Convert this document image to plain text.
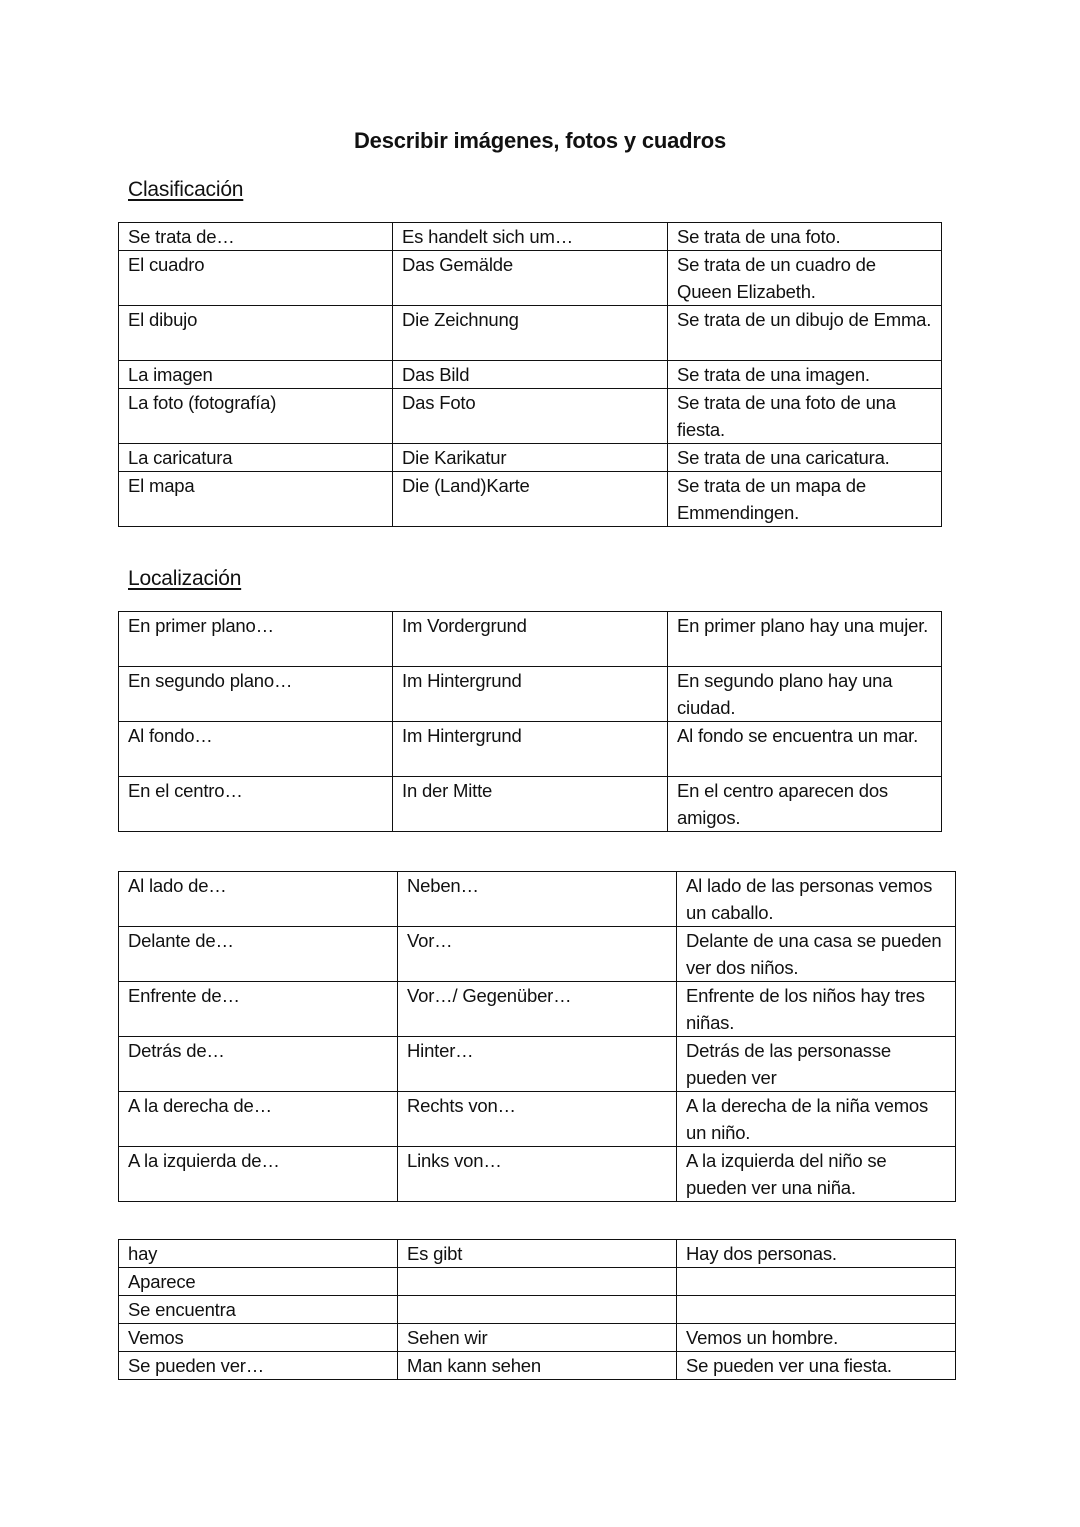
Describir imágenes, fotos y cuadros
Clasificación
Se trata de…	Es handelt sich um…	Se trata de una foto.
El cuadro	Das Gemälde	Se trata de un cuadro de Queen Elizabeth.
El dibujo	Die Zeichnung	Se trata de un dibujo de Emma.
La imagen	Das Bild	Se trata de una imagen.
La foto (fotografía)	Das Foto	Se trata de una foto de una fiesta.
La caricatura	Die Karikatur	Se trata de una caricatura.
El mapa	Die (Land)Karte	Se trata de un mapa de Emmendingen.
Localización
En primer plano…	Im Vordergrund	En primer plano hay una mujer.
En segundo plano…	Im Hintergrund	En segundo plano hay una ciudad.
Al fondo…	Im Hintergrund	Al fondo se encuentra un mar.
En el centro…	In der Mitte	En el centro aparecen dos amigos.
Al lado de…	Neben…	Al lado de las personas vemos un caballo.
Delante de…	Vor…	Delante de una casa se pueden ver dos niños.
Enfrente de…	Vor…/ Gegenüber…	Enfrente de los niños hay tres niñas.
Detrás de…	Hinter…	Detrás de las personasse pueden ver
A la derecha de…	Rechts von…	A la derecha de la niña vemos un niño.
A la izquierda de…	Links von…	A la izquierda del niño se pueden ver una niña.
hay	Es gibt	Hay dos personas.
Aparece		
Se encuentra		
Vemos	Sehen wir	Vemos un hombre.
Se pueden ver…	Man kann sehen	Se pueden ver una fiesta.
